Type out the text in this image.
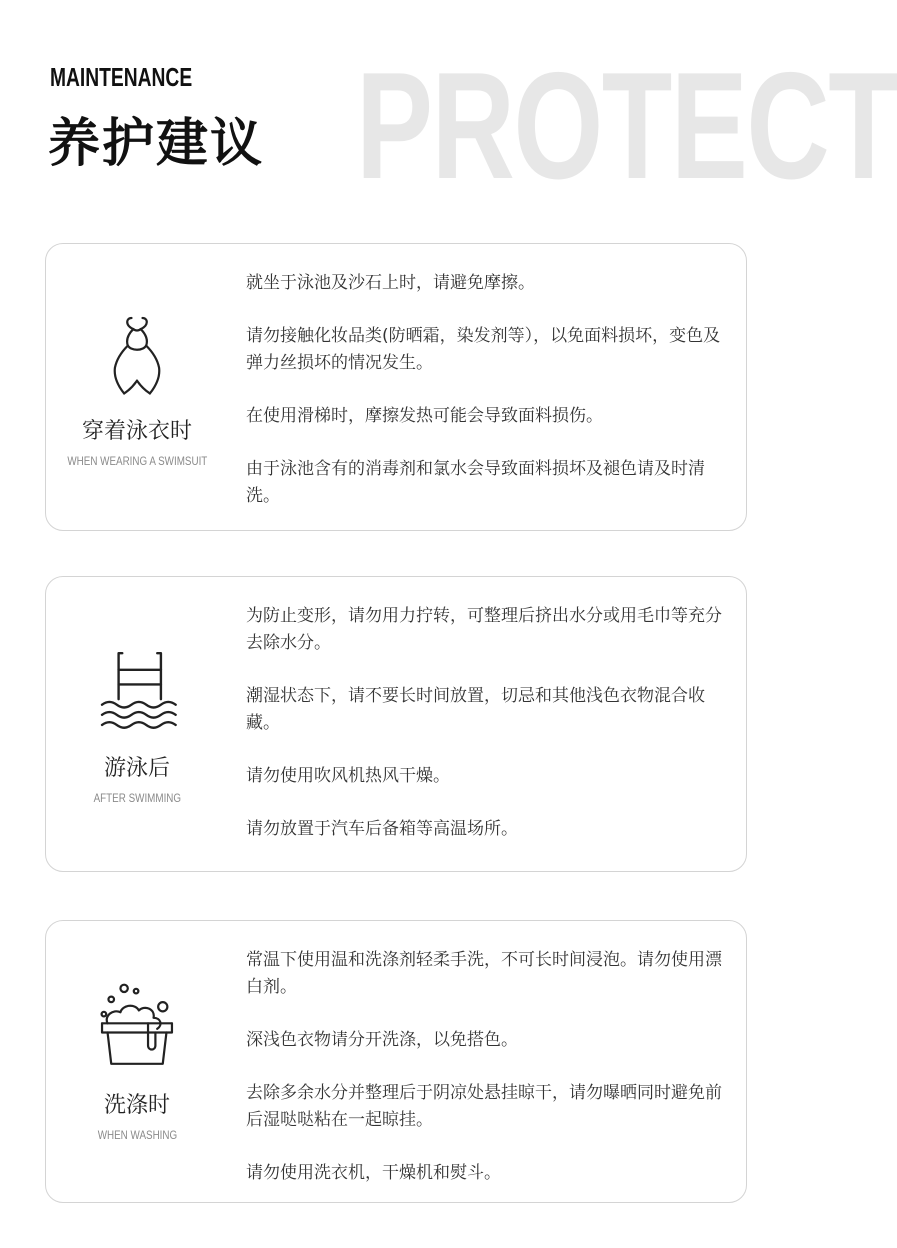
PROTECT
MAINTENANCE
养护建议
穿着泳衣时
WHEN WEARING A SWIMSUIT
就坐于泳池及沙石上时，请避免摩擦。
请勿接触化妆品类(防晒霜，染发剂等），以免面料损坏，变色及弹力丝损坏的情况发生。
在使用滑梯时，摩擦发热可能会导致面料损伤。
由于泳池含有的消毒剂和氯水会导致面料损坏及褪色请及时清洗。
游泳后
AFTER SWIMMING
为防止变形，请勿用力拧转，可整理后挤出水分或用毛巾等充分去除水分。
潮湿状态下，请不要长时间放置，切忌和其他浅色衣物混合收藏。
请勿使用吹风机热风干燥。
请勿放置于汽车后备箱等高温场所。
洗涤时
WHEN WASHING
常温下使用温和洗涤剂轻柔手洗，不可长时间浸泡。请勿使用漂白剂。
深浅色衣物请分开洗涤，以免搭色。
去除多余水分并整理后于阴凉处悬挂晾干，请勿曝晒同时避免前后湿哒哒粘在一起晾挂。
请勿使用洗衣机，干燥机和熨斗。
